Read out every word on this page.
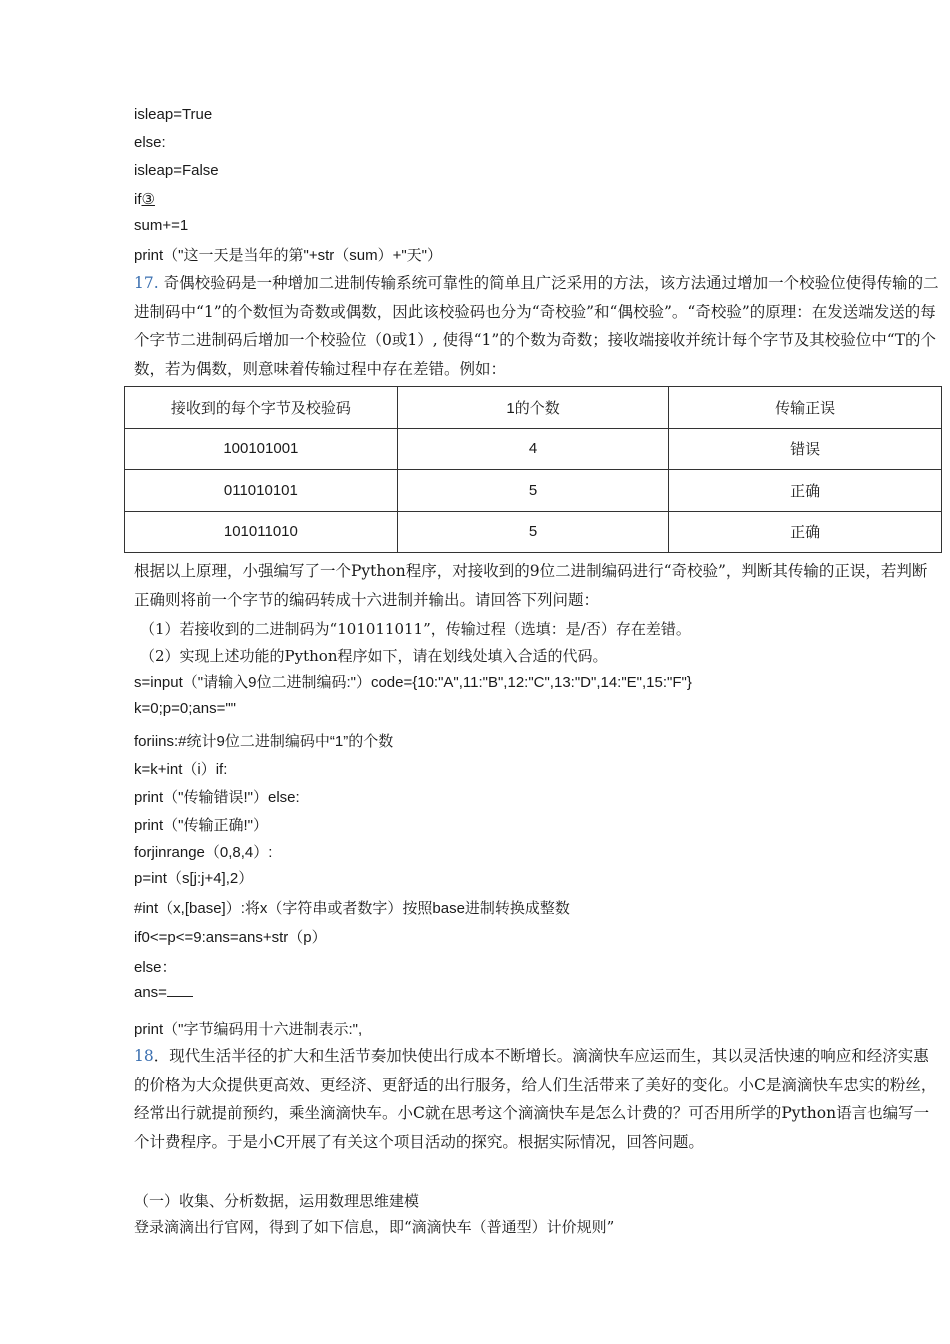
isleap=True
else:
isleap=False
if③
sum+=1
print（"这一天是当年的第"+str（sum）+"天"）
17. 奇偶校验码是一种增加二进制传输系统可靠性的简单且广泛采用的方法，该方法通过增加一个校验位使得传输的二进制码中“1”的个数恒为奇数或偶数，因此该校验码也分为“奇校验”和“偶校验”。“奇校验”的原理：在发送端发送的每个字节二进制码后增加一个校验位（0或1）, 使得“1”的个数为奇数；接收端接收并统计每个字节及其校验位中“T的个数，若为偶数，则意味着传输过程中存在差错。例如：
接收到的每个字节及校验码	1的个数	传输正误
100101001	4	错误
011010101	5	正确
101011010	5	正确
根据以上原理，小强编写了一个Python程序，对接收到的9位二进制编码进行“奇校验”，判断其传输的正误，若判断正确则将前一个字节的编码转成十六进制并输出。请回答下列问题：
（1）若接收到的二进制码为“101011011”，传输过程（选填：是/否）存在差错。
（2）实现上述功能的Python程序如下，请在划线处填入合适的代码。
s=input（"请输入9位二进制编码:"）code={10:"A",11:"B",12:"C",13:"D",14:"E",15:"F"}
k=0;p=0;ans=""
foriins:#统计9位二进制编码中“1”的个数
k=k+int（i）if:
print（"传输错误!"）else:
print（"传输正确!"）
forjinrange（0,8,4）:
p=int（s[j:j+4],2）
#int（x,[base]）:将x（字符串或者数字）按照base进制转换成整数
if0<=p<=9:ans=ans+str（p）
else：
ans=
print（"字节编码用十六进制表示:",
18．现代生活半径的扩大和生活节奏加快使出行成本不断增长。滴滴快车应运而生，其以灵活快速的响应和经济实惠的价格为大众提供更高效、更经济、更舒适的出行服务，给人们生活带来了美好的变化。小C是滴滴快车忠实的粉丝，经常出行就提前预约，乘坐滴滴快车。小C就在思考这个滴滴快车是怎么计费的？可否用所学的Python语言也编写一个计费程序。于是小C开展了有关这个项目活动的探究。根据实际情况，回答问题。
（一）收集、分析数据，运用数理思维建模
登录滴滴出行官网，得到了如下信息，即“滴滴快车（普通型）计价规则”
